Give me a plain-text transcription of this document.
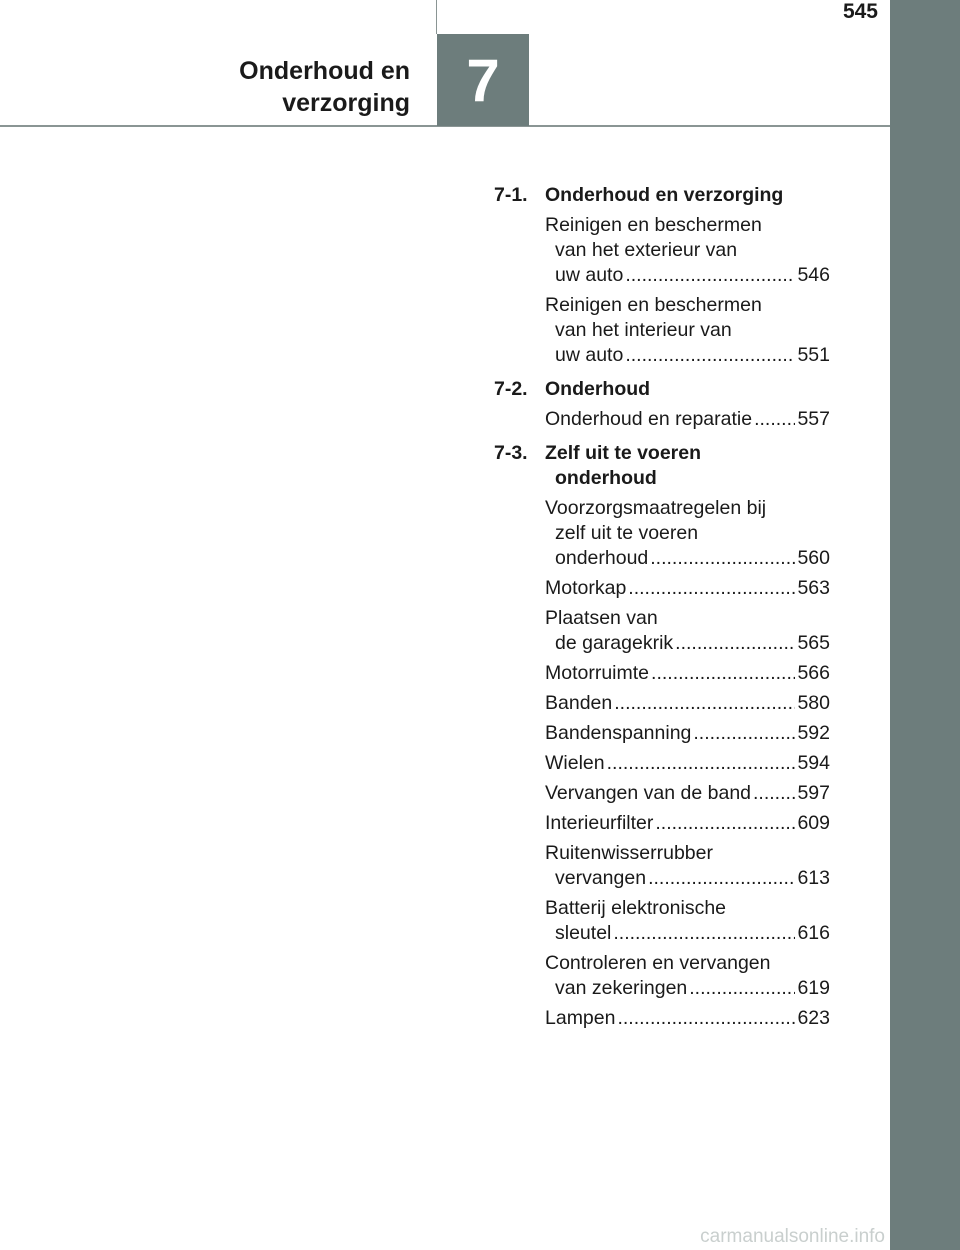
545
Onderhoud en
verzorging 7
7-1. Onderhoud en verzorging
Reinigen en beschermen
van het exterieur van
uw auto .....	546
Reinigen en beschermen
van het interieur van
uw auto .....	551
7-2. Onderhoud
Onderhoud en reparatie ..... 557
7-3. Zelf uit te voeren
onderhoud
Voorzorgsmaatregelen bij
zelf uit te voeren
onderhoud .....	560
Motorkap .....	563
Plaatsen van
de garagekrik .....	565
Motorruimte .....	566
Banden .....	580
Bandenspanning .....	592
Wielen .....	594
Vervangen van de band ..... 597
Interieurfilter .....	609
Ruitenwisserrubber
vervangen .....	613
Batterij elektronische
sleutel .....	616
Controleren en vervangen
van zekeringen .....	619
Lampen .....	623
carmanualsonline.info
